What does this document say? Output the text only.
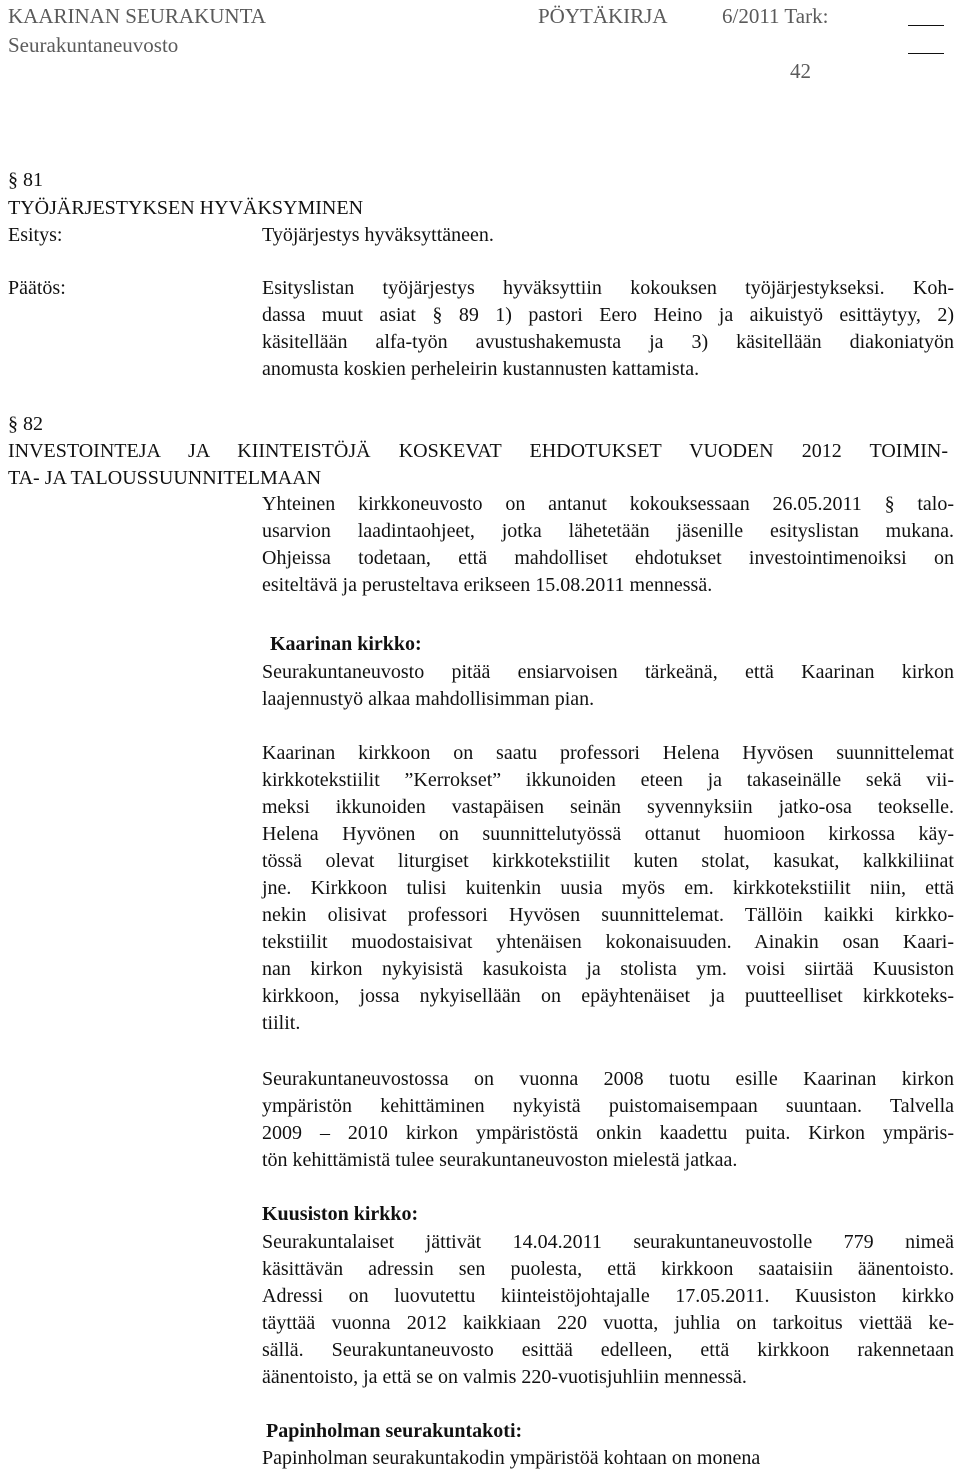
KAARINAN SEURAKUNTA	PÖYTÄKIRJA	6/2011 Tark:
Seurakuntaneuvosto
42
§ 81
TYÖJÄRJESTYKSEN HYVÄKSYMINEN
Esitys:	Työjärjestys hyväksyttäneen.
Päätös:	Esityslistan työjärjestys hyväksyttiin kokouksen työjärjestykseksi. Koh-
dassa muut asiat § 89 1) pastori Eero Heino ja aikuistyö esittäytyy, 2)
käsitellään alfa-työn avustushakemusta ja 3) käsitellään diakoniatyön
anomusta koskien perheleirin kustannusten kattamista.
§ 82
INVESTOINTEJA JA KIINTEISTÖJÄ KOSKEVAT EHDOTUKSET VUODEN 2012 TOIMIN-
TA- JA TALOUSSUUNNITELMAAN
Yhteinen kirkkoneuvosto on antanut kokouksessaan 26.05.2011 § talo-
usarvion laadintaohjeet, jotka lähetetään jäsenille esityslistan mukana.
Ohjeissa todetaan, että mahdolliset ehdotukset investointimenoiksi on
esiteltävä ja perusteltava erikseen 15.08.2011 mennessä.
Kaarinan kirkko:
Seurakuntaneuvosto pitää ensiarvoisen tärkeänä, että Kaarinan kirkon
laajennustyö alkaa mahdollisimman pian.
Kaarinan kirkkoon on saatu professori Helena Hyvösen suunnittelemat
kirkkotekstiilit ”Kerrokset” ikkunoiden eteen ja takaseinälle sekä vii-
meksi ikkunoiden vastapäisen seinän syvennyksiin jatko-osa teokselle.
Helena Hyvönen on suunnittelutyössä ottanut huomioon kirkossa käy-
tössä olevat liturgiset kirkkotekstiilit kuten stolat, kasukat, kalkkiliinat
jne. Kirkkoon tulisi kuitenkin uusia myös em. kirkkotekstiilit niin, että
nekin olisivat professori Hyvösen suunnittelemat. Tällöin kaikki kirkko-
tekstiilit muodostaisivat yhtenäisen kokonaisuuden. Ainakin osan Kaari-
nan kirkon nykyisistä kasukoista ja stolista ym. voisi siirtää Kuusiston
kirkkoon, jossa nykyisellään on epäyhtenäiset ja puutteelliset kirkkoteks-
tiilit.
Seurakuntaneuvostossa on vuonna 2008 tuotu esille Kaarinan kirkon
ympäristön kehittäminen nykyistä puistomaisempaan suuntaan. Talvella
2009 – 2010 kirkon ympäristöstä onkin kaadettu puita. Kirkon ympäris-
tön kehittämistä tulee seurakuntaneuvoston mielestä jatkaa.
Kuusiston kirkko:
Seurakuntalaiset jättivät 14.04.2011 seurakuntaneuvostolle 779 nimeä
käsittävän adressin sen puolesta, että kirkkoon saataisiin äänentoisto.
Adressi on luovutettu kiinteistöjohtajalle 17.05.2011. Kuusiston kirkko
täyttää vuonna 2012 kaikkiaan 220 vuotta, juhlia on tarkoitus viettää ke-
sällä. Seurakuntaneuvosto esittää edelleen, että kirkkoon rakennetaan
äänentoisto, ja että se on valmis 220-vuotisjuhliin mennessä.
Papinholman seurakuntakoti:
Papinholman seurakuntakodin ympäristöä kohtaan on monena
